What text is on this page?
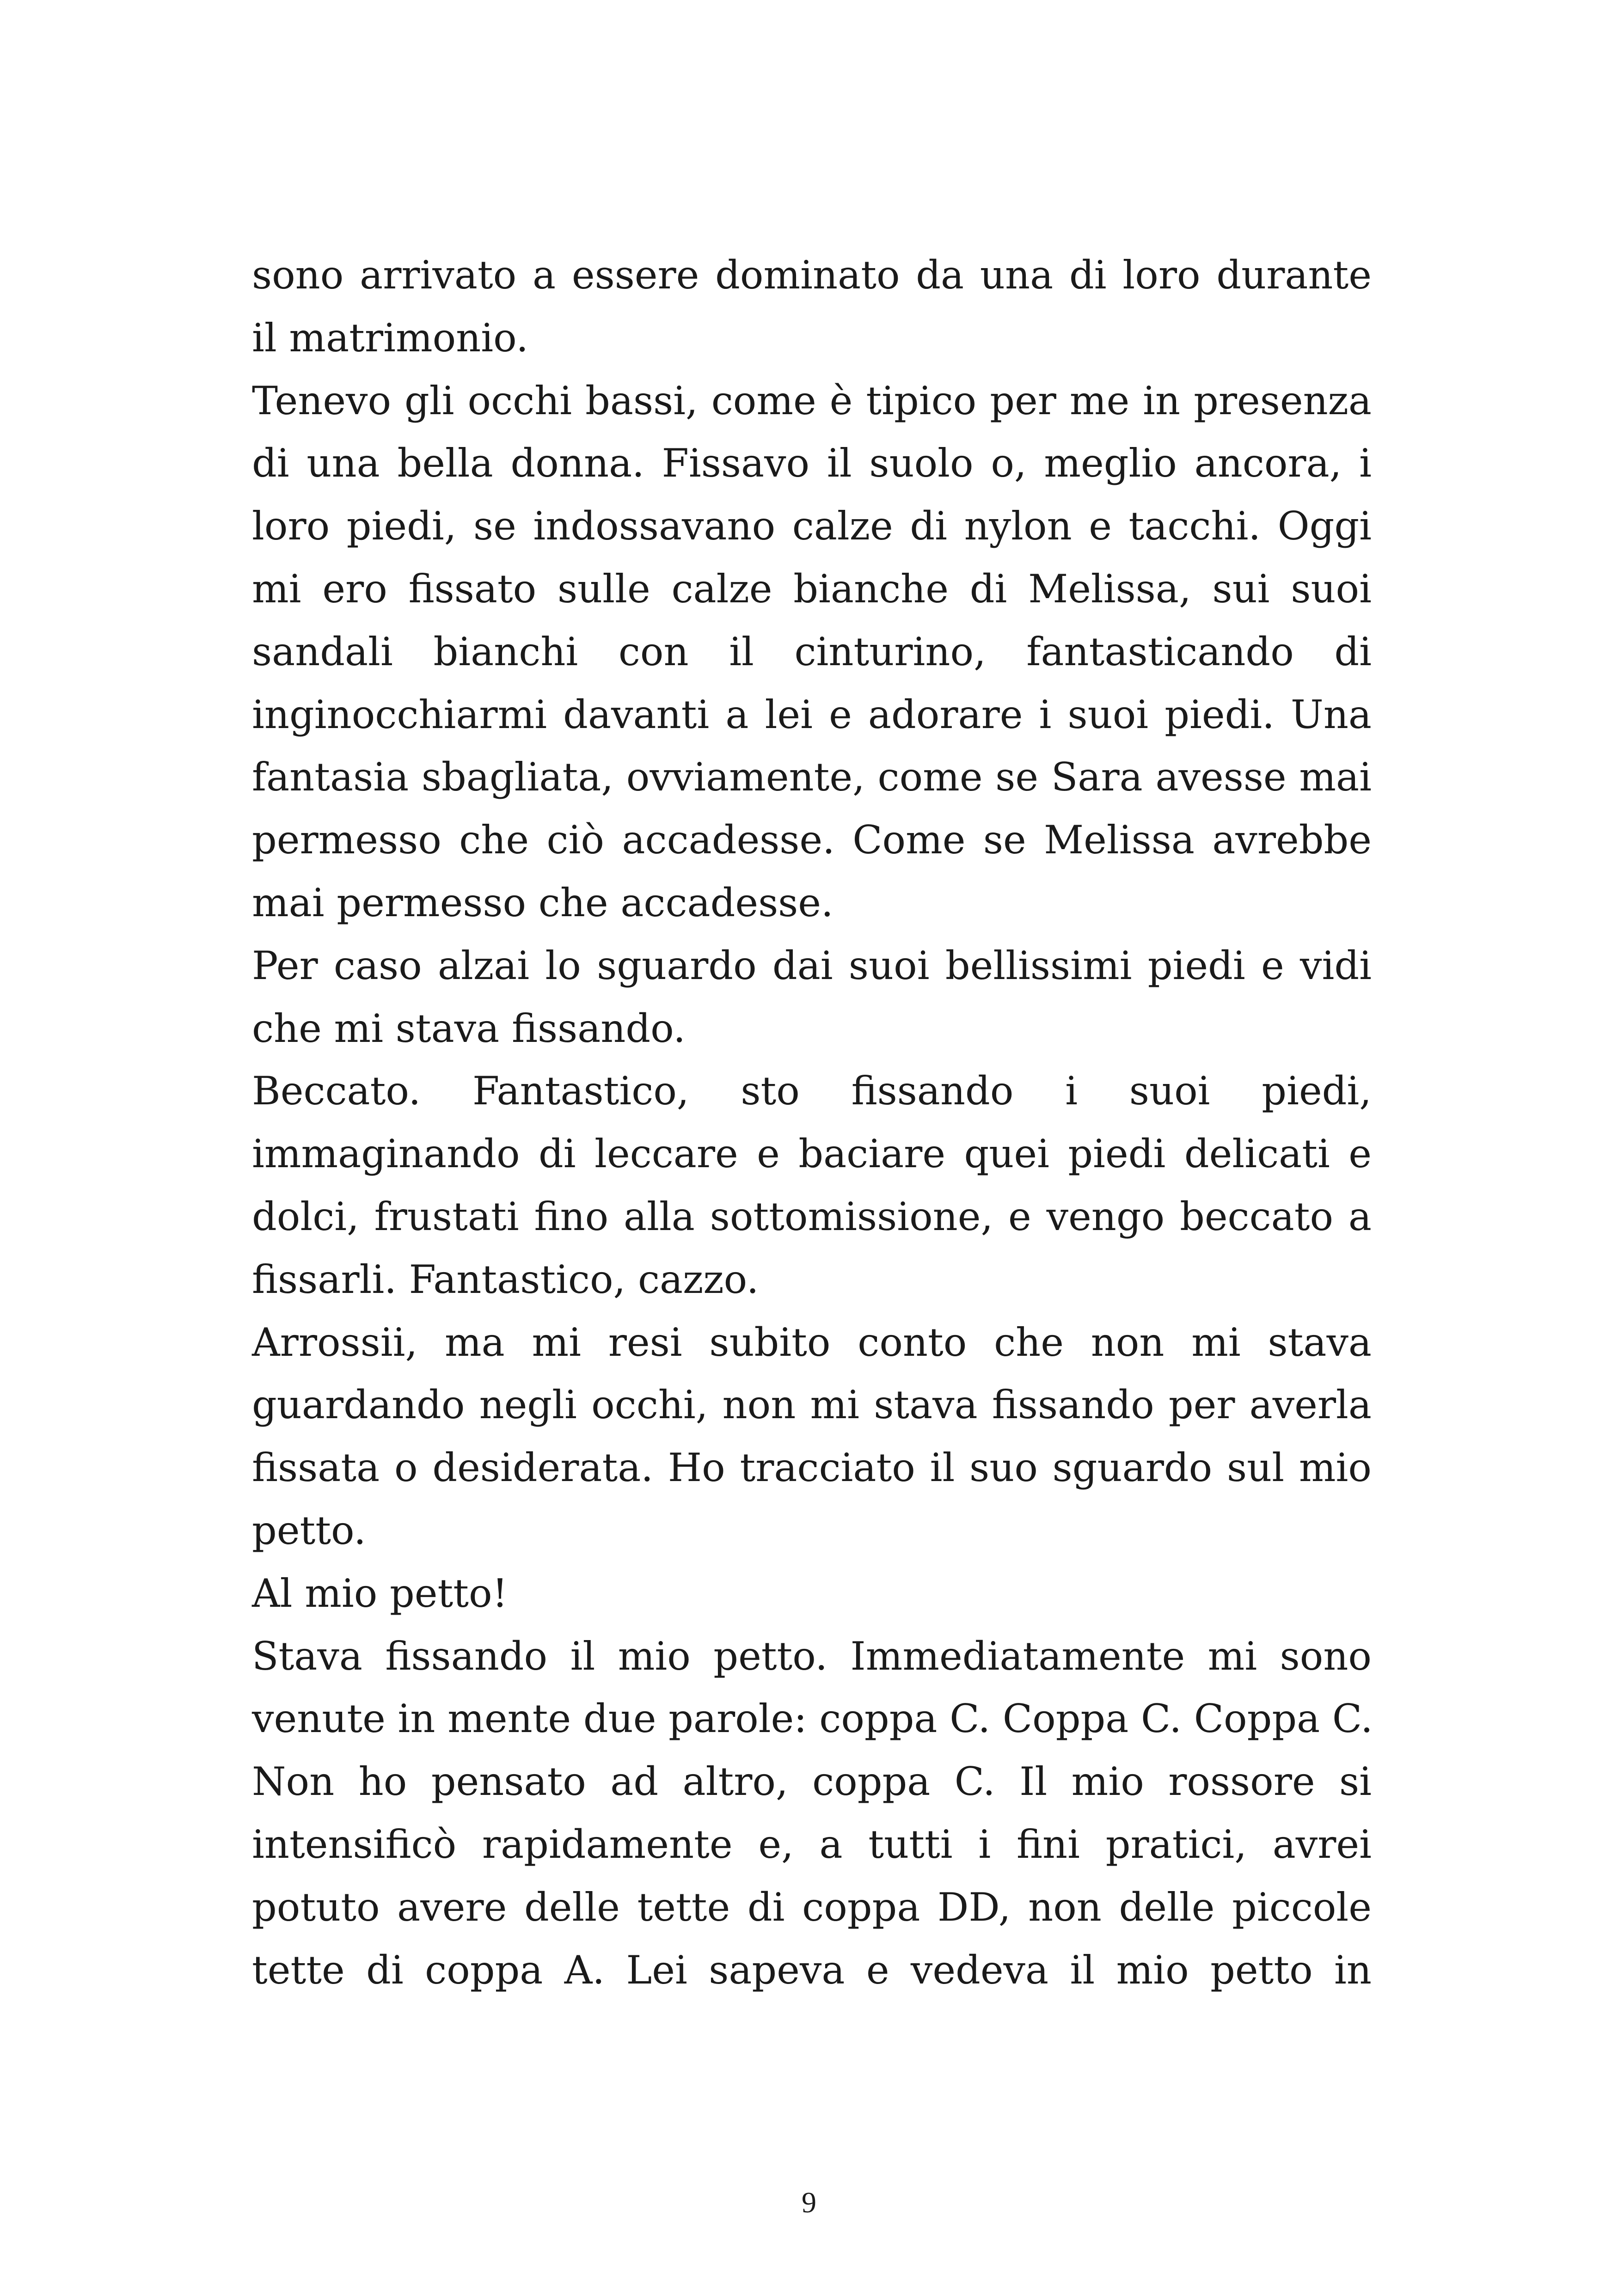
sono arrivato a essere dominato da una di loro durante
il matrimonio.
Tenevo gli occhi bassi, come è tipico per me in presenza
di una bella donna. Fissavo il suolo o, meglio ancora, i
loro piedi, se indossavano calze di nylon e tacchi. Oggi
mi ero fissato sulle calze bianche di Melissa, sui suoi
sandali bianchi con il cinturino, fantasticando di
inginocchiarmi davanti a lei e adorare i suoi piedi. Una
fantasia sbagliata, ovviamente, come se Sara avesse mai
permesso che ciò accadesse. Come se Melissa avrebbe
mai permesso che accadesse.
Per caso alzai lo sguardo dai suoi bellissimi piedi e vidi
che mi stava fissando.
Beccato. Fantastico, sto fissando i suoi piedi,
immaginando di leccare e baciare quei piedi delicati e
dolci, frustati fino alla sottomissione, e vengo beccato a
fissarli. Fantastico, cazzo.
Arrossii, ma mi resi subito conto che non mi stava
guardando negli occhi, non mi stava fissando per averla
fissata o desiderata. Ho tracciato il suo sguardo sul mio
petto.
Al mio petto!
Stava fissando il mio petto. Immediatamente mi sono
venute in mente due parole: coppa C. Coppa C. Coppa C.
Non ho pensato ad altro, coppa C. Il mio rossore si
intensificò rapidamente e, a tutti i fini pratici, avrei
potuto avere delle tette di coppa DD, non delle piccole
tette di coppa A. Lei sapeva e vedeva il mio petto in
9
